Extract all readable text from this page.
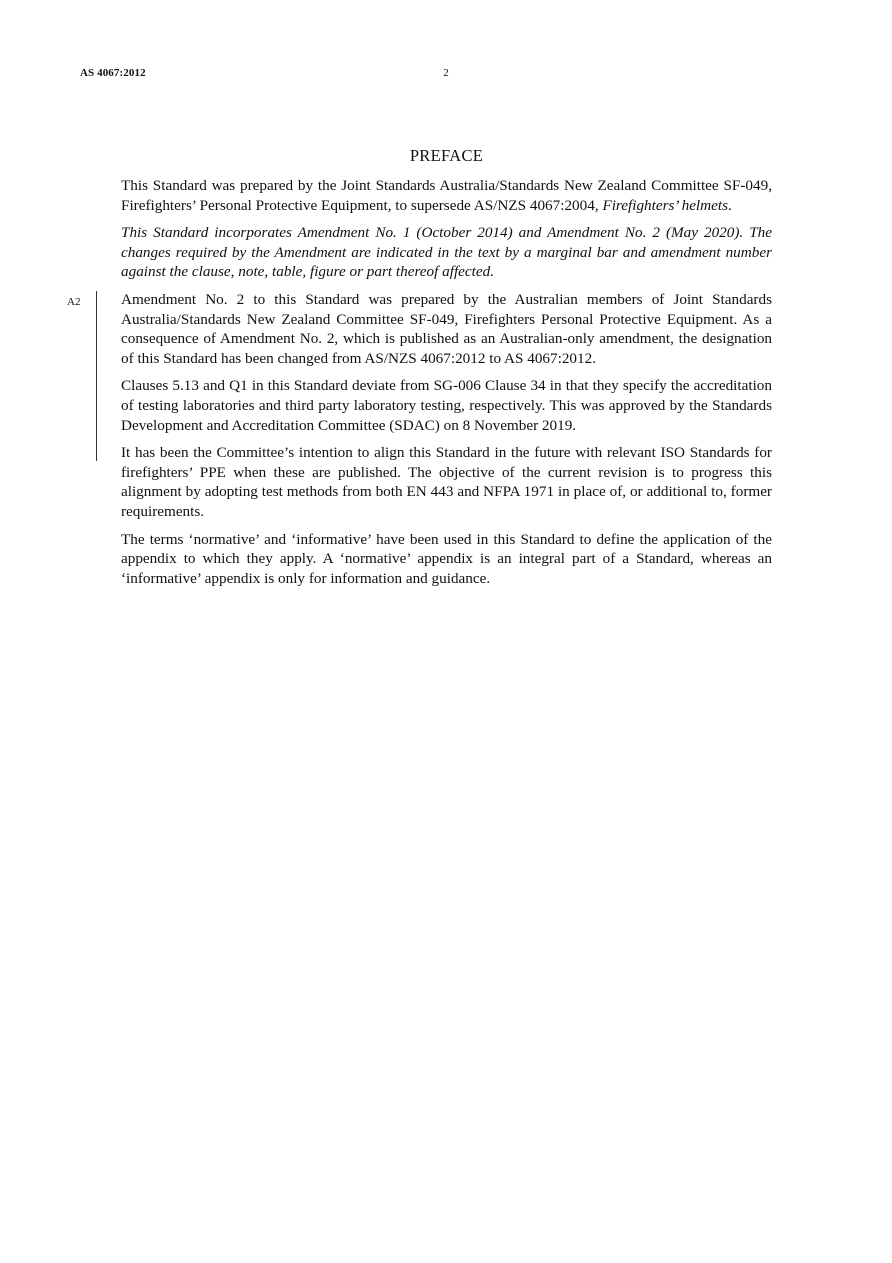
AS 4067:2012	2
PREFACE

This Standard was prepared by the Joint Standards Australia/Standards New Zealand Committee SF-049, Firefighters’ Personal Protective Equipment, to supersede AS/NZS 4067:2004, Firefighters’ helmets.

This Standard incorporates Amendment No. 1 (October 2014) and Amendment No. 2 (May 2020). The changes required by the Amendment are indicated in the text by a marginal bar and amendment number against the clause, note, table, figure or part thereof affected.

A2	Amendment No. 2 to this Standard was prepared by the Australian members of Joint Standards Australia/Standards New Zealand Committee SF-049, Firefighters Personal Protective Equipment. As a consequence of Amendment No. 2, which is published as an Australian-only amendment, the designation of this Standard has been changed from AS/NZS 4067:2012 to AS 4067:2012.

Clauses 5.13 and Q1 in this Standard deviate from SG-006 Clause 34 in that they specify the accreditation of testing laboratories and third party laboratory testing, respectively. This was approved by the Standards Development and Accreditation Committee (SDAC) on 8 November 2019.

It has been the Committee’s intention to align this Standard in the future with relevant ISO Standards for firefighters’ PPE when these are published. The objective of the current revision is to progress this alignment by adopting test methods from both EN 443 and NFPA 1971 in place of, or additional to, former requirements.

The terms ‘normative’ and ‘informative’ have been used in this Standard to define the application of the appendix to which they apply. A ‘normative’ appendix is an integral part of a Standard, whereas an ‘informative’ appendix is only for information and guidance.
